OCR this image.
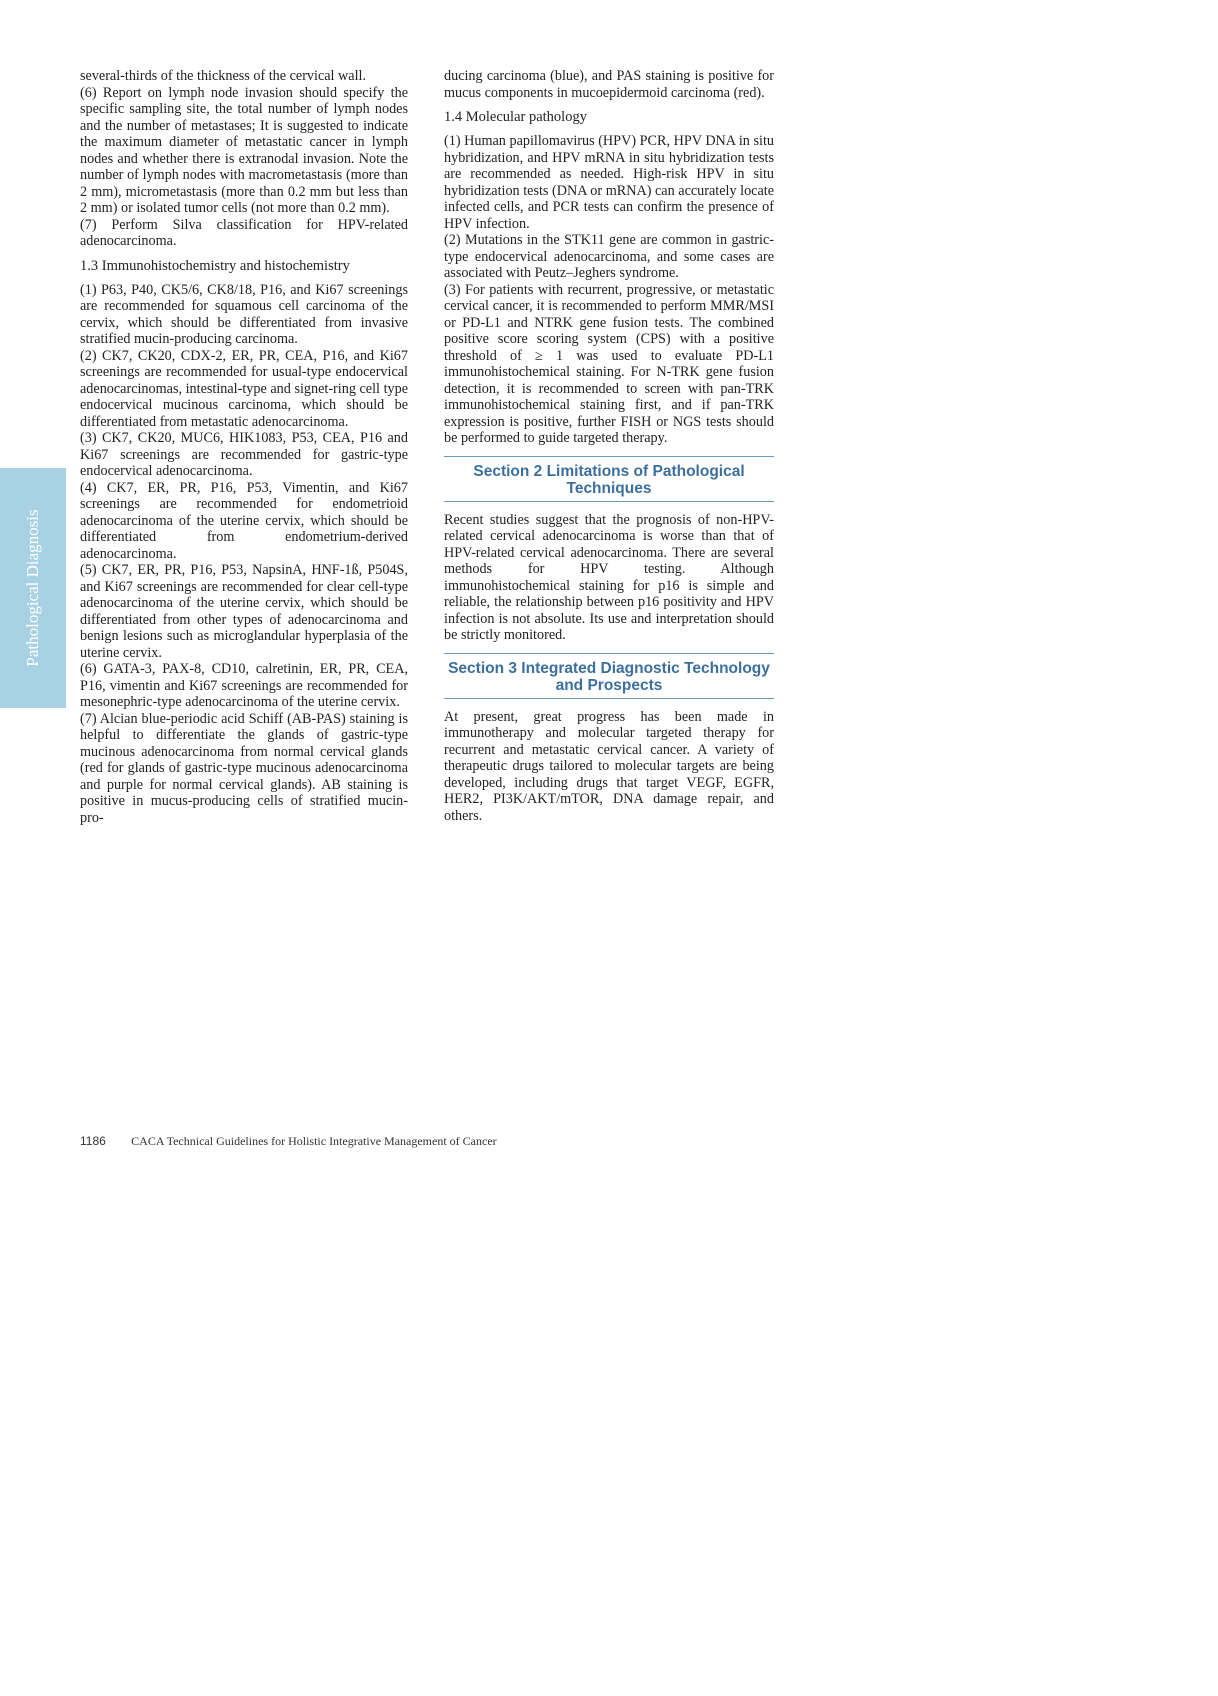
Pathological Diagnosis

several-thirds of the thickness of the cervical wall.

(6) Report on lymph node invasion should specify the specific sampling site, the total number of lymph nodes and the number of metastases; It is suggested to indicate the maximum diameter of metastatic cancer in lymph nodes and whether there is extranodal invasion. Note the number of lymph nodes with macrometastasis (more than 2 mm), micrometastasis (more than 0.2 mm but less than 2 mm) or isolated tumor cells (not more than 0.2 mm).

(7) Perform Silva classification for HPV-related adenocarcinoma.

1.3 Immunohistochemistry and histochemistry

(1) P63, P40, CK5/6, CK8/18, P16, and Ki67 screenings are recommended for squamous cell carcinoma of the cervix, which should be differentiated from invasive stratified mucin-producing carcinoma.

(2) CK7, CK20, CDX-2, ER, PR, CEA, P16, and Ki67 screenings are recommended for usual-type endocervical adenocarcinomas, intestinal-type and signet-ring cell type endocervical mucinous carcinoma, which should be differentiated from metastatic adenocarcinoma.

(3) CK7, CK20, MUC6, HIK1083, P53, CEA, P16 and Ki67 screenings are recommended for gastric-type endocervical adenocarcinoma.

(4) CK7, ER, PR, P16, P53, Vimentin, and Ki67 screenings are recommended for endometrioid adenocarcinoma of the uterine cervix, which should be differentiated from endometrium-derived adenocarcinoma.

(5) CK7, ER, PR, P16, P53, NapsinA, HNF-1ß, P504S, and Ki67 screenings are recommended for clear cell-type adenocarcinoma of the uterine cervix, which should be differentiated from other types of adenocarcinoma and benign lesions such as microglandular hyperplasia of the uterine cervix.

(6) GATA-3, PAX-8, CD10, calretinin, ER, PR, CEA, P16, vimentin and Ki67 screenings are recommended for mesonephric-type adenocarcinoma of the uterine cervix.

(7) Alcian blue-periodic acid Schiff (AB-PAS) staining is helpful to differentiate the glands of gastric-type mucinous adenocarcinoma from normal cervical glands (red for glands of gastric-type mucinous adenocarcinoma and purple for normal cervical glands). AB staining is positive in mucus-producing cells of stratified mucin-pro-

ducing carcinoma (blue), and PAS staining is positive for mucus components in mucoepidermoid carcinoma (red).

1.4 Molecular pathology

(1) Human papillomavirus (HPV) PCR, HPV DNA in situ hybridization, and HPV mRNA in situ hybridization tests are recommended as needed. High-risk HPV in situ hybridization tests (DNA or mRNA) can accurately locate infected cells, and PCR tests can confirm the presence of HPV infection.

(2) Mutations in the STK11 gene are common in gastric-type endocervical adenocarcinoma, and some cases are associated with Peutz–Jeghers syndrome.

(3) For patients with recurrent, progressive, or metastatic cervical cancer, it is recommended to perform MMR/MSI or PD-L1 and NTRK gene fusion tests. The combined positive score scoring system (CPS) with a positive threshold of ≥ 1 was used to evaluate PD-L1 immunohistochemical staining. For N-TRK gene fusion detection, it is recommended to screen with pan-TRK immunohistochemical staining first, and if pan-TRK expression is positive, further FISH or NGS tests should be performed to guide targeted therapy.

Section 2 Limitations of Pathological Techniques

Recent studies suggest that the prognosis of non-HPV-related cervical adenocarcinoma is worse than that of HPV-related cervical adenocarcinoma. There are several methods for HPV testing. Although immunohistochemical staining for p16 is simple and reliable, the relationship between p16 positivity and HPV infection is not absolute. Its use and interpretation should be strictly monitored.

Section 3 Integrated Diagnostic Technology and Prospects

At present, great progress has been made in immunotherapy and molecular targeted therapy for recurrent and metastatic cervical cancer. A variety of therapeutic drugs tailored to molecular targets are being developed, including drugs that target VEGF, EGFR, HER2, PI3K/AKT/mTOR, DNA damage repair, and others.

1186 CACA Technical Guidelines for Holistic Integrative Management of Cancer
